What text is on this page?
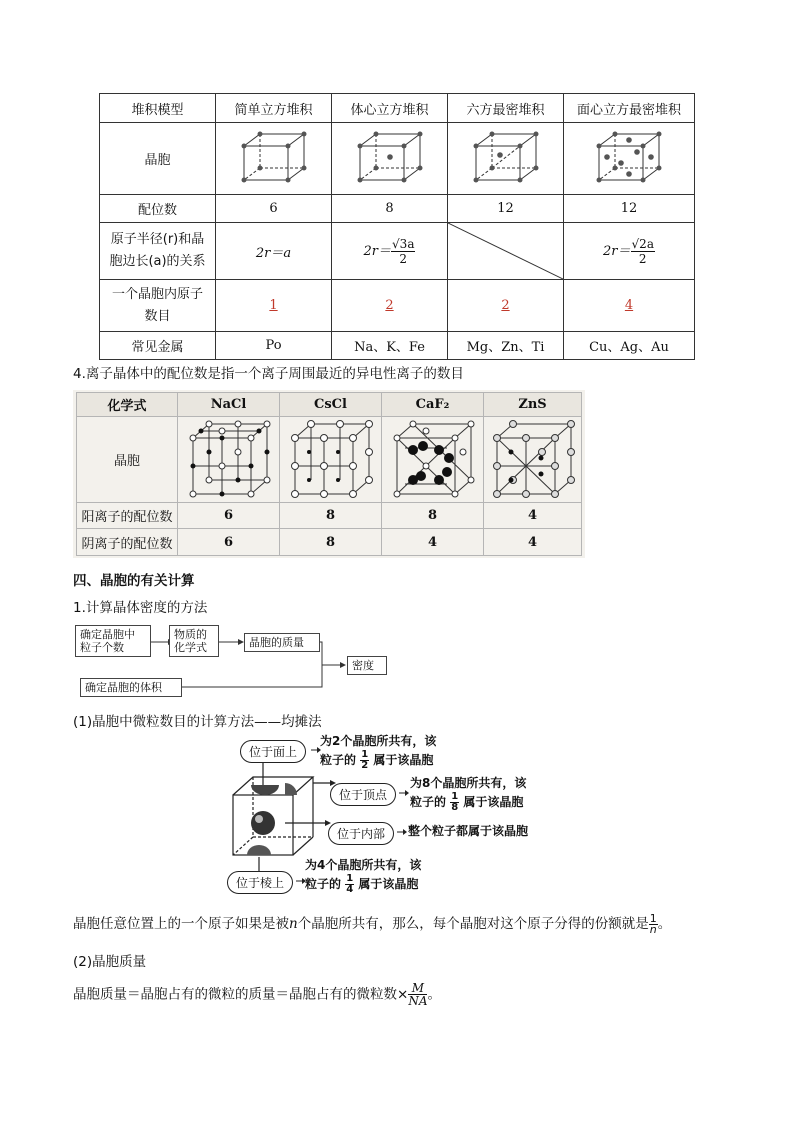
堆积模型	简单立方堆积	体心立方堆积	六方最密堆积	面心立方最密堆积
晶胞				
配位数	6	8	12	12
原子半径(r)和晶
胞边长(a)的关系	2r＝a	$2r= \frac{√3a}{2}$		$2r= \frac{√2a}{2}$

一个晶胞内原子
数目	1	2	2	4
常见金属	Po	Na、K、Fe	Mg、Zn、Ti	Cu、Ag、Au
4.离子晶体中的配位数是指一个离子周围最近的异电性离子的数目
化学式	NaCl	CsCl	CaF₂	ZnS
晶胞				
阳离子的配位数	6	8	8	4
阴离子的配位数	6	8	4	4
四、晶胞的有关计算
1.计算晶体密度的方法
确定晶胞中
粒子个数
物质的
化学式	晶胞的质量
密度
确定晶胞的体积
(1)晶胞中微粒数目的计算方法——均摊法
位于面上
为2个晶胞所共有，该
粒子的 $\frac{1}{2}$ 属于该晶胞
位于顶点
为8个晶胞所共有，该
粒子的 $\frac{1}{8}$ 属于该晶胞
位于内部	整个粒子都属于该晶胞
位于棱上
为4个晶胞所共有，该
粒子的 $\frac{1}{4}$ 属于该晶胞
晶胞任意位置上的一个原子如果是被n个晶胞所共有，那么，每个晶胞对这个原子分得的份额就是 $\frac{1}{n}$。
(2)晶胞质量
晶胞质量＝晶胞占有的微粒的质量＝晶胞占有的微粒数× $\frac{M}{NA}$ 。
